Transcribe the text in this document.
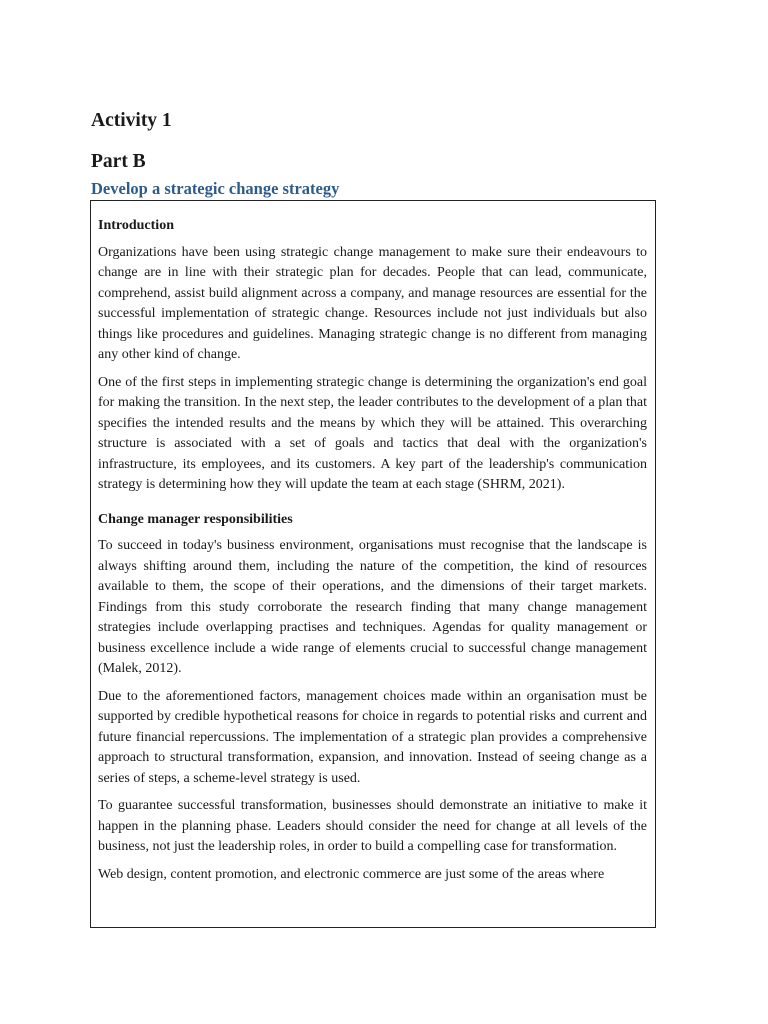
Activity 1
Part B
Develop a strategic change strategy
Introduction

Organizations have been using strategic change management to make sure their endeavours to change are in line with their strategic plan for decades. People that can lead, communicate, comprehend, assist build alignment across a company, and manage resources are essential for the successful implementation of strategic change. Resources include not just individuals but also things like procedures and guidelines. Managing strategic change is no different from managing any other kind of change.

One of the first steps in implementing strategic change is determining the organization's end goal for making the transition. In the next step, the leader contributes to the development of a plan that specifies the intended results and the means by which they will be attained. This overarching structure is associated with a set of goals and tactics that deal with the organization's infrastructure, its employees, and its customers. A key part of the leadership's communication strategy is determining how they will update the team at each stage (SHRM, 2021).

Change manager responsibilities

To succeed in today's business environment, organisations must recognise that the landscape is always shifting around them, including the nature of the competition, the kind of resources available to them, the scope of their operations, and the dimensions of their target markets. Findings from this study corroborate the research finding that many change management strategies include overlapping practises and techniques. Agendas for quality management or business excellence include a wide range of elements crucial to successful change management (Malek, 2012).

Due to the aforementioned factors, management choices made within an organisation must be supported by credible hypothetical reasons for choice in regards to potential risks and current and future financial repercussions. The implementation of a strategic plan provides a comprehensive approach to structural transformation, expansion, and innovation. Instead of seeing change as a series of steps, a scheme-level strategy is used.

To guarantee successful transformation, businesses should demonstrate an initiative to make it happen in the planning phase. Leaders should consider the need for change at all levels of the business, not just the leadership roles, in order to build a compelling case for transformation.

Web design, content promotion, and electronic commerce are just some of the areas where
